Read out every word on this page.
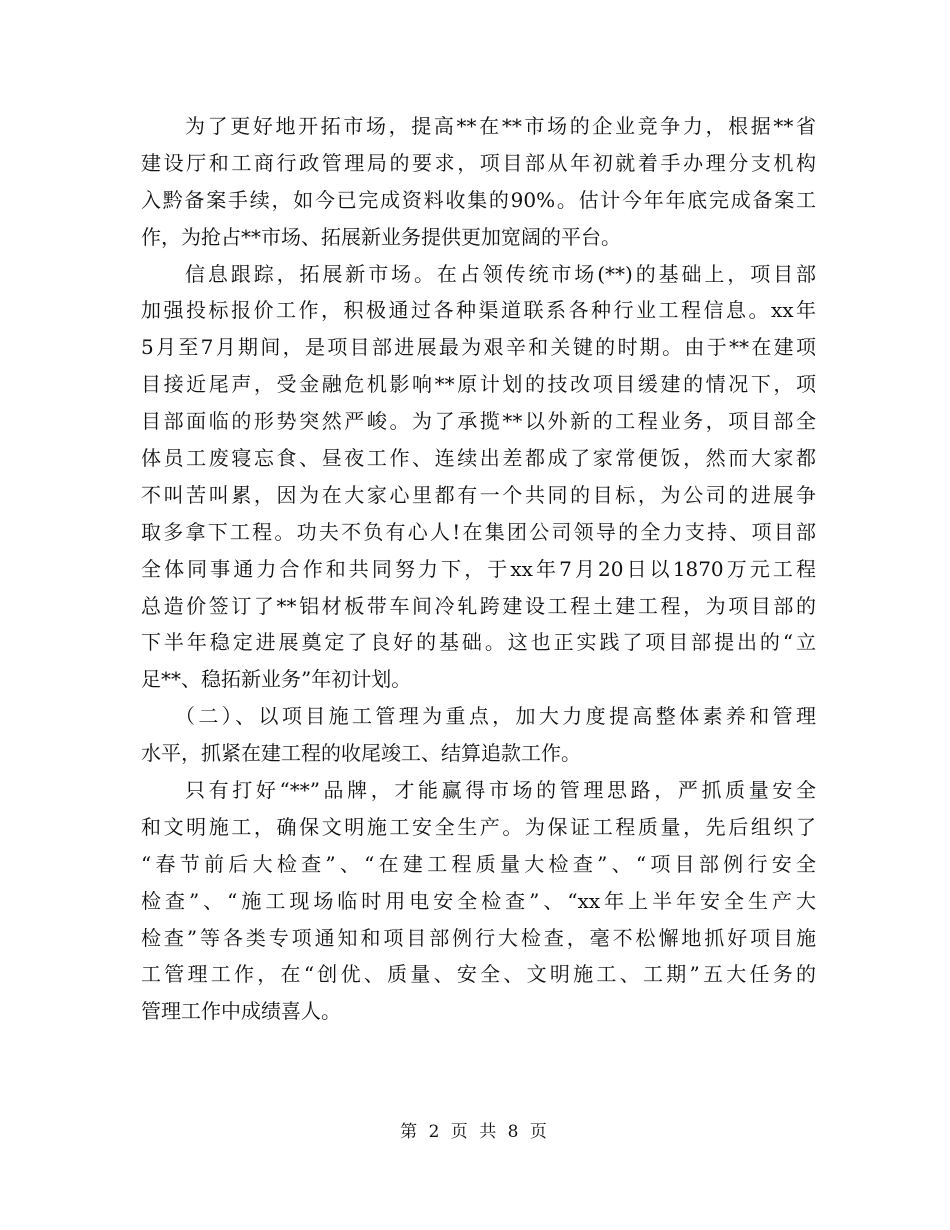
为了更好地开拓市场，提高**在**市场的企业竞争力，根据**省
建设厅和工商行政管理局的要求，项目部从年初就着手办理分支机构
入黔备案手续，如今已完成资料收集的90%。估计今年年底完成备案工
作，为抢占**市场、拓展新业务提供更加宽阔的平台。
信息跟踪，拓展新市场。在占领传统市场(**)的基础上，项目部
加强投标报价工作，积极通过各种渠道联系各种行业工程信息。xx年
5月至7月期间，是项目部进展最为艰辛和关键的时期。由于**在建项
目接近尾声，受金融危机影响**原计划的技改项目缓建的情况下，项
目部面临的形势突然严峻。为了承揽**以外新的工程业务，项目部全
体员工废寝忘食、昼夜工作、连续出差都成了家常便饭，然而大家都
不叫苦叫累，因为在大家心里都有一个共同的目标，为公司的进展争
取多拿下工程。功夫不负有心人!在集团公司领导的全力支持、项目部
全体同事通力合作和共同努力下，于xx年7月20日以1870万元工程
总造价签订了**铝材板带车间冷轧跨建设工程土建工程，为项目部的
下半年稳定进展奠定了良好的基础。这也正实践了项目部提出的“立
足**、稳拓新业务”年初计划。
（二）、以项目施工管理为重点，加大力度提高整体素养和管理
水平，抓紧在建工程的收尾竣工、结算追款工作。
只有打好“**”品牌，才能赢得市场的管理思路，严抓质量安全
和文明施工，确保文明施工安全生产。为保证工程质量，先后组织了
“春节前后大检查”、“在建工程质量大检查”、“项目部例行安全
检查”、“施工现场临时用电安全检查”、“xx年上半年安全生产大
检查”等各类专项通知和项目部例行大检查，毫不松懈地抓好项目施
工管理工作，在“创优、质量、安全、文明施工、工期”五大任务的
管理工作中成绩喜人。
第 2 页 共 8 页
